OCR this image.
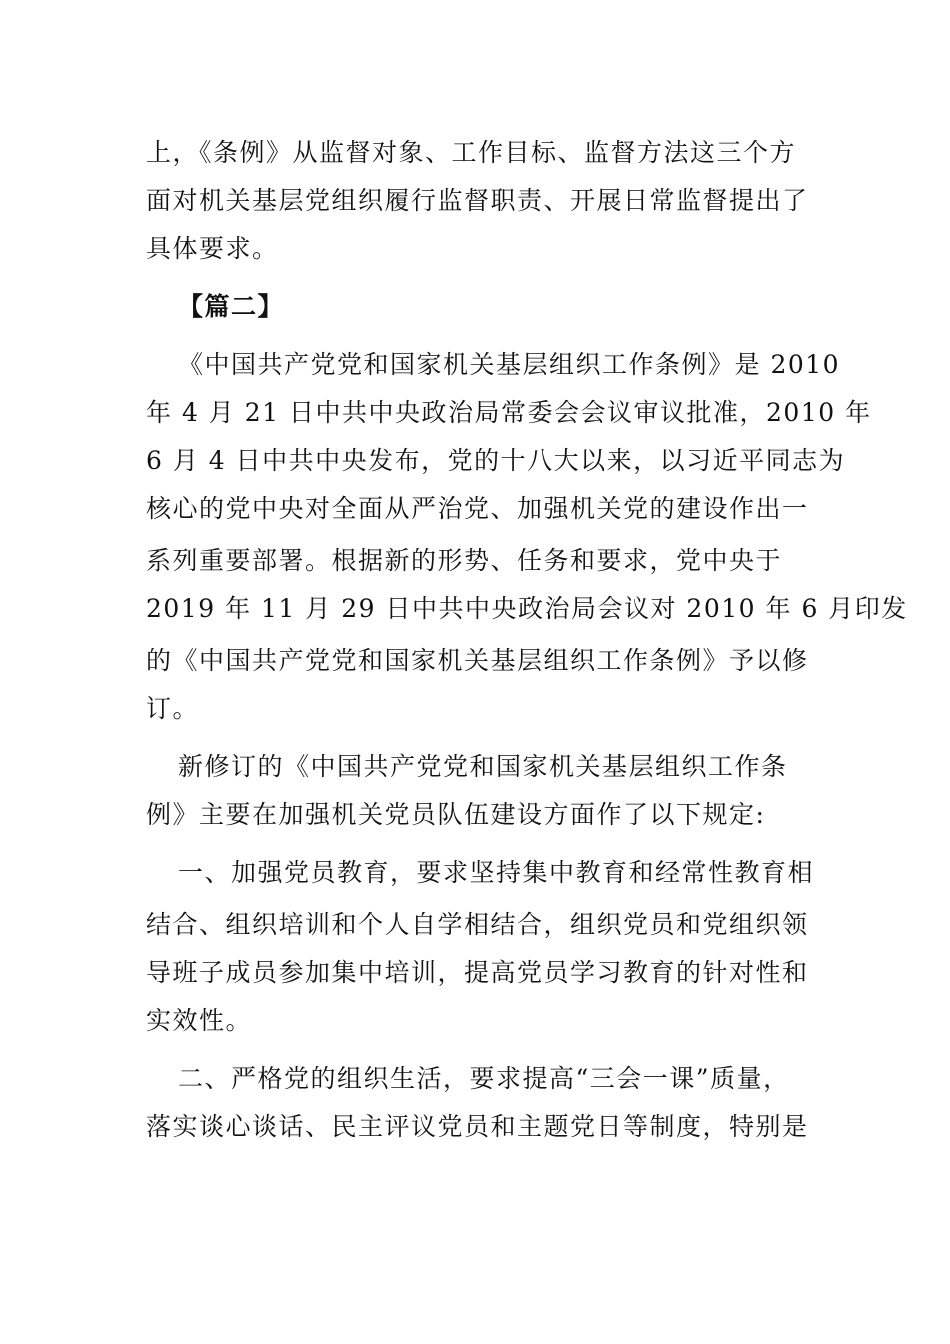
上，《条例》从监督对象、工作目标、监督方法这三个方
面对机关基层党组织履行监督职责、开展日常监督提出了
具体要求。
【篇二】
《中国共产党党和国家机关基层组织工作条例》是 2010
年 4 月 21 日中共中央政治局常委会会议审议批准，2010 年
6 月 4 日中共中央发布，党的十八大以来，以习近平同志为
核心的党中央对全面从严治党、加强机关党的建设作出一
系列重要部署。根据新的形势、任务和要求，党中央于
2019 年 11 月 29 日中共中央政治局会议对 2010 年 6 月印发
的《中国共产党党和国家机关基层组织工作条例》予以修
订。
新修订的《中国共产党党和国家机关基层组织工作条
例》主要在加强机关党员队伍建设方面作了以下规定:
一、加强党员教育，要求坚持集中教育和经常性教育相
结合、组织培训和个人自学相结合，组织党员和党组织领
导班子成员参加集中培训，提高党员学习教育的针对性和
实效性。
二、严格党的组织生活，要求提高“三会一课”质量，
落实谈心谈话、民主评议党员和主题党日等制度，特别是
